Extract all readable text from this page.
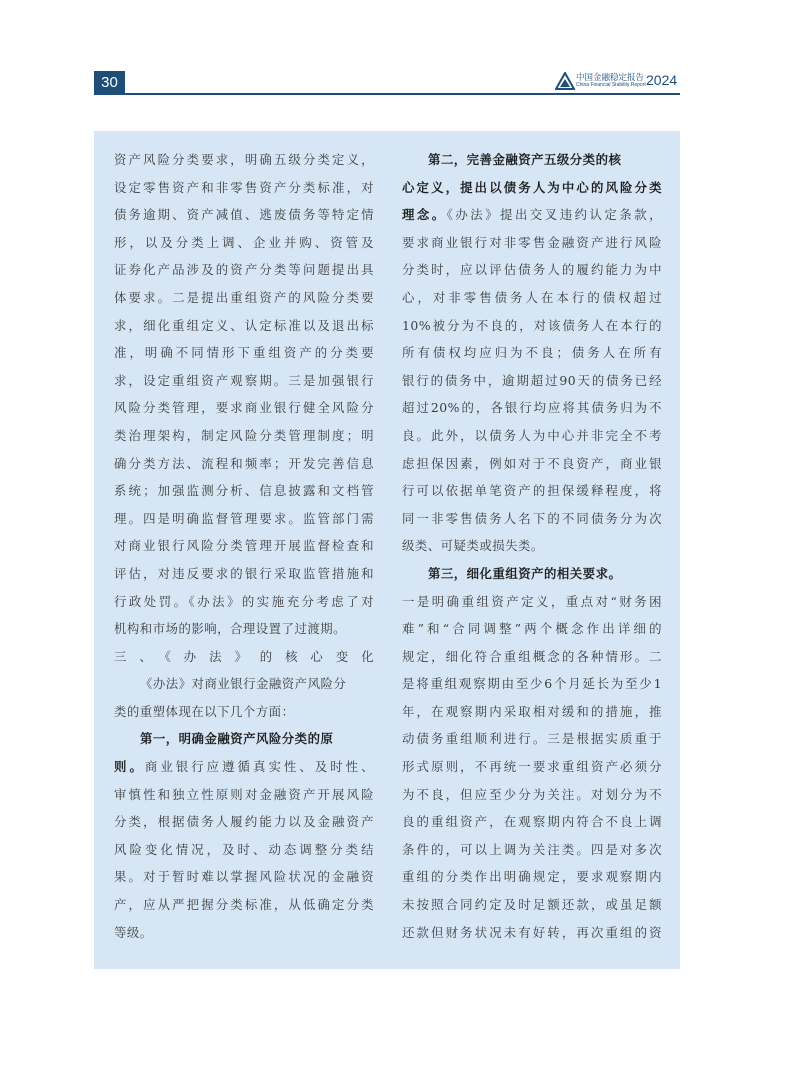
30	中国金融稳定报告
China Financial Stability Report 2024
资产风险分类要求，明确五级分类定义，
设定零售资产和非零售资产分类标准，对
债务逾期、资产减值、逃废债务等特定情
形，以及分类上调、企业并购、资管及
证券化产品涉及的资产分类等问题提出具
体要求。二是提出重组资产的风险分类要
求，细化重组定义、认定标准以及退出标
准，明确不同情形下重组资产的分类要
求，设定重组资产观察期。三是加强银行
风险分类管理，要求商业银行健全风险分
类治理架构，制定风险分类管理制度；明
确分类方法、流程和频率；开发完善信息
系统；加强监测分析、信息披露和文档管
理。四是明确监督管理要求。监管部门需
对商业银行风险分类管理开展监督检查和
评估，对违反要求的银行采取监管措施和
行政处罚。《办法》的实施充分考虑了对
机构和市场的影响，合理设置了过渡期。
三、《办法》的核心变化
《办法》对商业银行金融资产风险分
类的重塑体现在以下几个方面：
第一，明确金融资产风险分类的原
则。商业银行应遵循真实性、及时性、
审慎性和独立性原则对金融资产开展风险
分类，根据债务人履约能力以及金融资产
风险变化情况，及时、动态调整分类结
果。对于暂时难以掌握风险状况的金融资
产，应从严把握分类标准，从低确定分类
等级。
第二，完善金融资产五级分类的核
心定义，提出以债务人为中心的风险分类
理念。《办法》提出交叉违约认定条款，
要求商业银行对非零售金融资产进行风险
分类时，应以评估债务人的履约能力为中
心，对非零售债务人在本行的债权超过
10%被分为不良的，对该债务人在本行的
所有债权均应归为不良；债务人在所有
银行的债务中，逾期超过90天的债务已经
超过20%的，各银行均应将其债务归为不
良。此外，以债务人为中心并非完全不考
虑担保因素，例如对于不良资产，商业银
行可以依据单笔资产的担保缓释程度，将
同一非零售债务人名下的不同债务分为次
级类、可疑类或损失类。
第三，细化重组资产的相关要求。
一是明确重组资产定义，重点对“财务困
难”和“合同调整”两个概念作出详细的
规定，细化符合重组概念的各种情形。二
是将重组观察期由至少6个月延长为至少1
年，在观察期内采取相对缓和的措施，推
动债务重组顺利进行。三是根据实质重于
形式原则，不再统一要求重组资产必须分
为不良，但应至少分为关注。对划分为不
良的重组资产，在观察期内符合不良上调
条件的，可以上调为关注类。四是对多次
重组的分类作出明确规定，要求观察期内
未按照合同约定及时足额还款，或虽足额
还款但财务状况未有好转，再次重组的资
